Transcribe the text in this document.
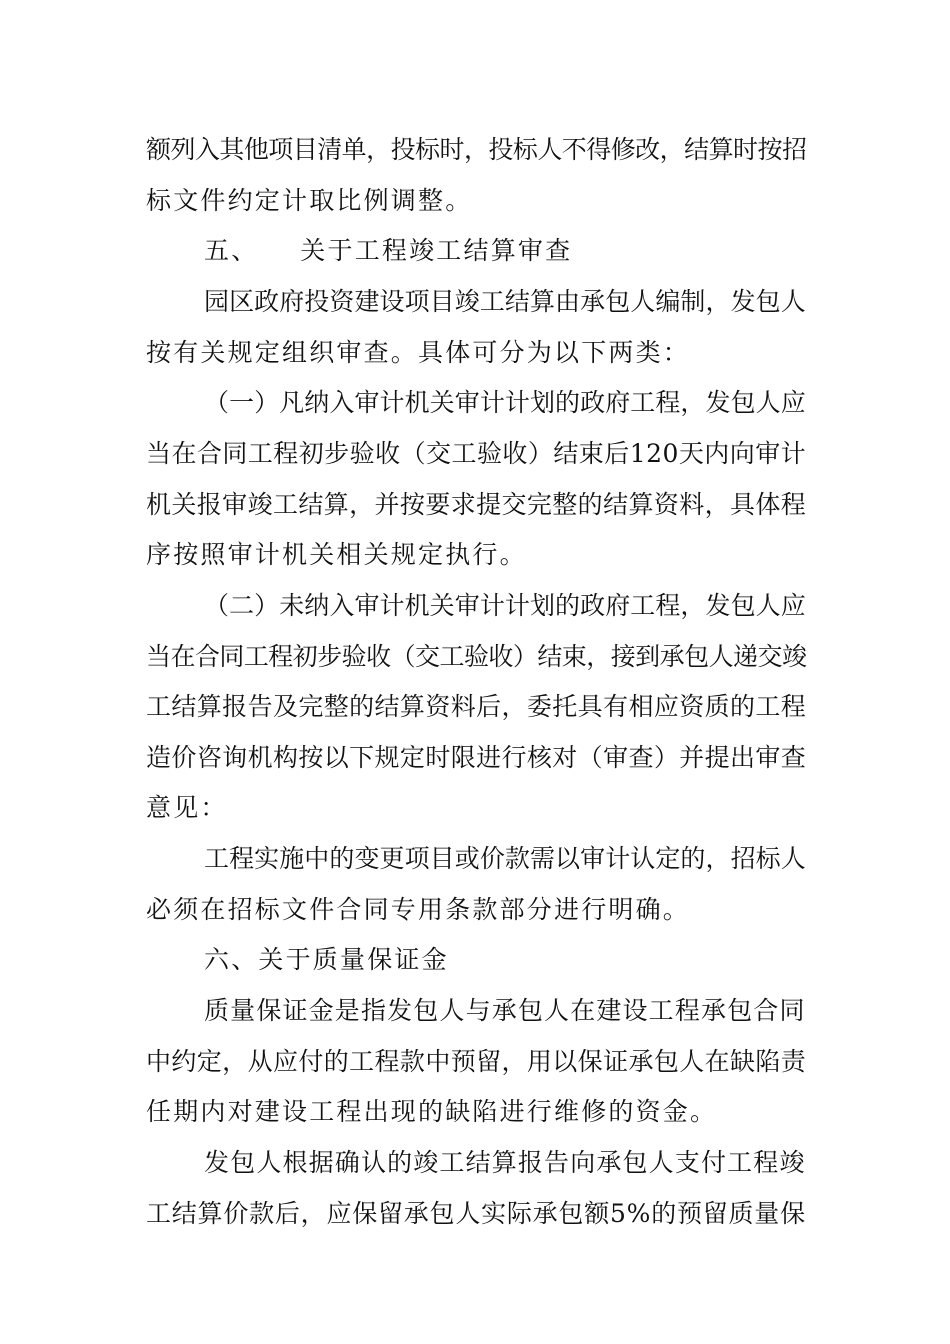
额列入其他项目清单，投标时，投标人不得修改，结算时按招
标文件约定计取比例调整。
五、　　关于工程竣工结算审查
园区政府投资建设项目竣工结算由承包人编制，发包人
按有关规定组织审查。具体可分为以下两类：
（一）凡纳入审计机关审计计划的政府工程，发包人应
当在合同工程初步验收（交工验收）结束后120天内向审计
机关报审竣工结算，并按要求提交完整的结算资料，具体程
序按照审计机关相关规定执行。
（二）未纳入审计机关审计计划的政府工程，发包人应
当在合同工程初步验收（交工验收）结束，接到承包人递交竣
工结算报告及完整的结算资料后，委托具有相应资质的工程
造价咨询机构按以下规定时限进行核对（审查）并提出审查
意见：
工程实施中的变更项目或价款需以审计认定的，招标人
必须在招标文件合同专用条款部分进行明确。
六、关于质量保证金
质量保证金是指发包人与承包人在建设工程承包合同
中约定，从应付的工程款中预留，用以保证承包人在缺陷责
任期内对建设工程出现的缺陷进行维修的资金。
发包人根据确认的竣工结算报告向承包人支付工程竣
工结算价款后，应保留承包人实际承包额5%的预留质量保
